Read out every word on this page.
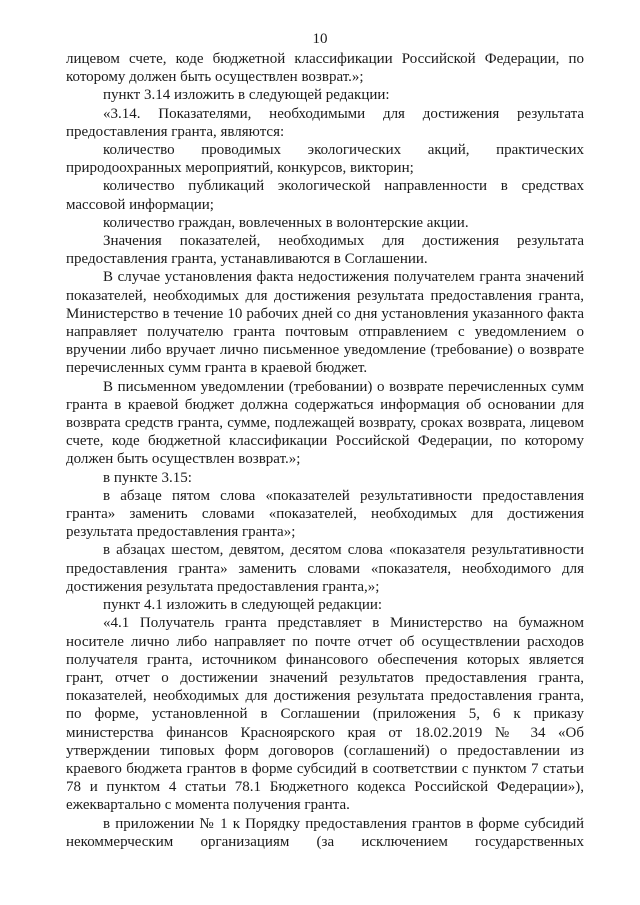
10

лицевом счете, коде бюджетной классификации Российской Федерации, по которому должен быть осуществлен возврат.»;

пункт 3.14 изложить в следующей редакции:

«3.14. Показателями, необходимыми для достижения результата предоставления гранта, являются:

количество проводимых экологических акций, практических природоохранных мероприятий, конкурсов, викторин;

количество публикаций экологической направленности в средствах массовой информации;

количество граждан, вовлеченных в волонтерские акции.

Значения показателей, необходимых для достижения результата предоставления гранта, устанавливаются в Соглашении.

В случае установления факта недостижения получателем гранта значений показателей, необходимых для достижения результата предоставления гранта, Министерство в течение 10 рабочих дней со дня установления указанного факта направляет получателю гранта почтовым отправлением с уведомлением о вручении либо вручает лично письменное уведомление (требование) о возврате перечисленных сумм гранта в краевой бюджет.

В письменном уведомлении (требовании) о возврате перечисленных сумм гранта в краевой бюджет должна содержаться информация об основании для возврата средств гранта, сумме, подлежащей возврату, сроках возврата, лицевом счете, коде бюджетной классификации Российской Федерации, по которому должен быть осуществлен возврат.»;

в пункте 3.15:

в абзаце пятом слова «показателей результативности предоставления гранта» заменить словами «показателей, необходимых для достижения результата предоставления гранта»;

в абзацах шестом, девятом, десятом слова «показателя результативности предоставления гранта» заменить словами «показателя, необходимого для достижения результата предоставления гранта,»;

пункт 4.1 изложить в следующей редакции:

«4.1 Получатель гранта представляет в Министерство на бумажном носителе лично либо направляет по почте отчет об осуществлении расходов получателя гранта, источником финансового обеспечения которых является грант, отчет о достижении значений результатов предоставления гранта, показателей, необходимых для достижения результата предоставления гранта, по форме, установленной в Соглашении (приложения 5, 6 к приказу министерства финансов Красноярского края от 18.02.2019 № 34 «Об утверждении типовых форм договоров (соглашений) о предоставлении из краевого бюджета грантов в форме субсидий в соответствии с пунктом 7 статьи 78 и пунктом 4 статьи 78.1 Бюджетного кодекса Российской Федерации»), ежеквартально с момента получения гранта.

в приложении № 1 к Порядку предоставления грантов в форме субсидий некоммерческим организациям (за исключением государственных
